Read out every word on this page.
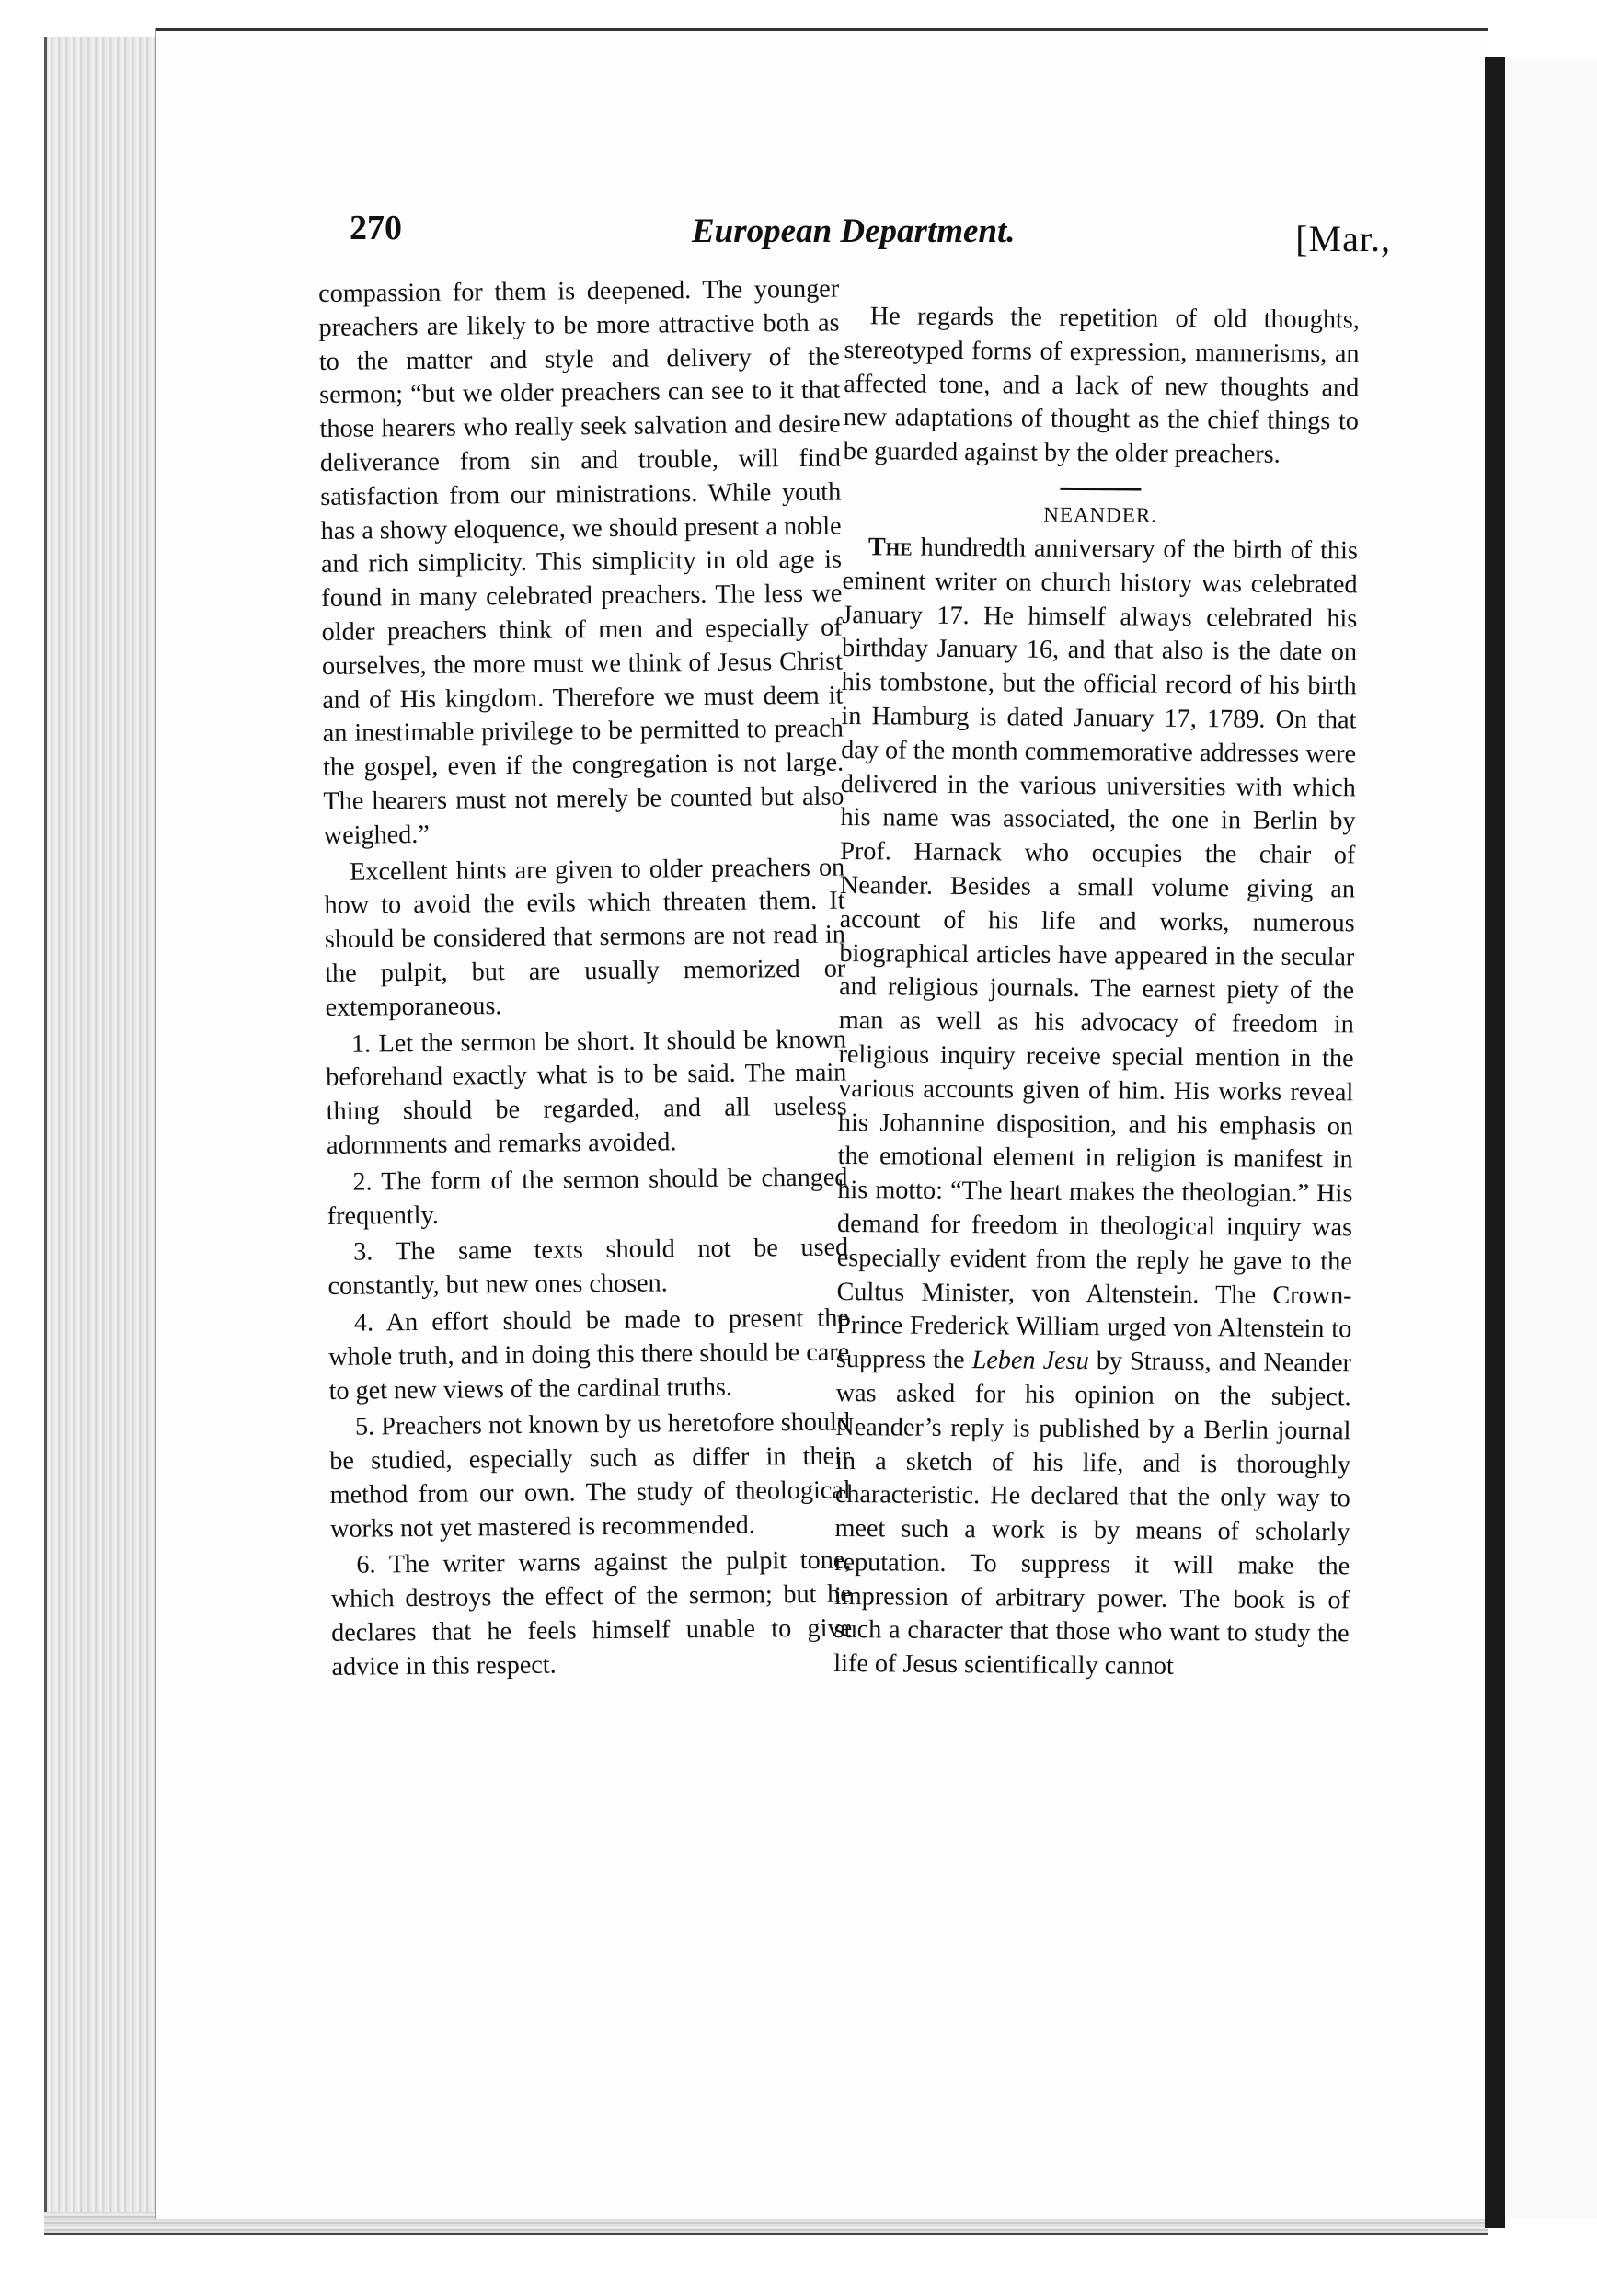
270	European Department.	[Mar.,

compassion for them is deepened. The younger preachers are likely to be more attractive both as to the matter and style and delivery of the sermon; “but we older preachers can see to it that those hearers who really seek salvation and desire deliverance from sin and trouble, will find satisfaction from our ministrations. While youth has a showy eloquence, we should present a noble and rich simplicity. This simplicity in old age is found in many celebrated preachers. The less we older preachers think of men and especially of ourselves, the more must we think of Jesus Christ and of His kingdom. Therefore we must deem it an inestimable privilege to be permitted to preach the gospel, even if the congregation is not large. The hearers must not merely be counted but also weighed.”

Excellent hints are given to older preachers on how to avoid the evils which threaten them. It should be considered that sermons are not read in the pulpit, but are usually memorized or extemporaneous.

1. Let the sermon be short. It should be known beforehand exactly what is to be said. The main thing should be regarded, and all useless adornments and remarks avoided.

2. The form of the sermon should be changed frequently.

3. The same texts should not be used constantly, but new ones chosen.

4. An effort should be made to present the whole truth, and in doing this there should be care to get new views of the cardinal truths.

5. Preachers not known by us heretofore should be studied, especially such as differ in their method from our own. The study of theological works not yet mastered is recommended.

6. The writer warns against the pulpit tone, which destroys the effect of the sermon; but he declares that he feels himself unable to give advice in this respect.

He regards the repetition of old thoughts, stereotyped forms of expression, mannerisms, an affected tone, and a lack of new thoughts and new adaptations of thought as the chief things to be guarded against by the older preachers.

NEANDER.

The hundredth anniversary of the birth of this eminent writer on church history was celebrated January 17. He himself always celebrated his birthday January 16, and that also is the date on his tombstone, but the official record of his birth in Hamburg is dated January 17, 1789. On that day of the month commemorative addresses were delivered in the various universities with which his name was associated, the one in Berlin by Prof. Harnack who occupies the chair of Neander. Besides a small volume giving an account of his life and works, numerous biographical articles have appeared in the secular and religious journals. The earnest piety of the man as well as his advocacy of freedom in religious inquiry receive special mention in the various accounts given of him. His works reveal his Johannine disposition, and his emphasis on the emotional element in religion is manifest in his motto: “The heart makes the theologian.” His demand for freedom in theological inquiry was especially evident from the reply he gave to the Cultus Minister, von Altenstein. The Crown-Prince Frederick William urged von Altenstein to suppress the Leben Jesu by Strauss, and Neander was asked for his opinion on the subject. Neander’s reply is published by a Berlin journal in a sketch of his life, and is thoroughly characteristic. He declared that the only way to meet such a work is by means of scholarly reputation. To suppress it will make the impression of arbitrary power. The book is of such a character that those who want to study the life of Jesus scientifically cannot
